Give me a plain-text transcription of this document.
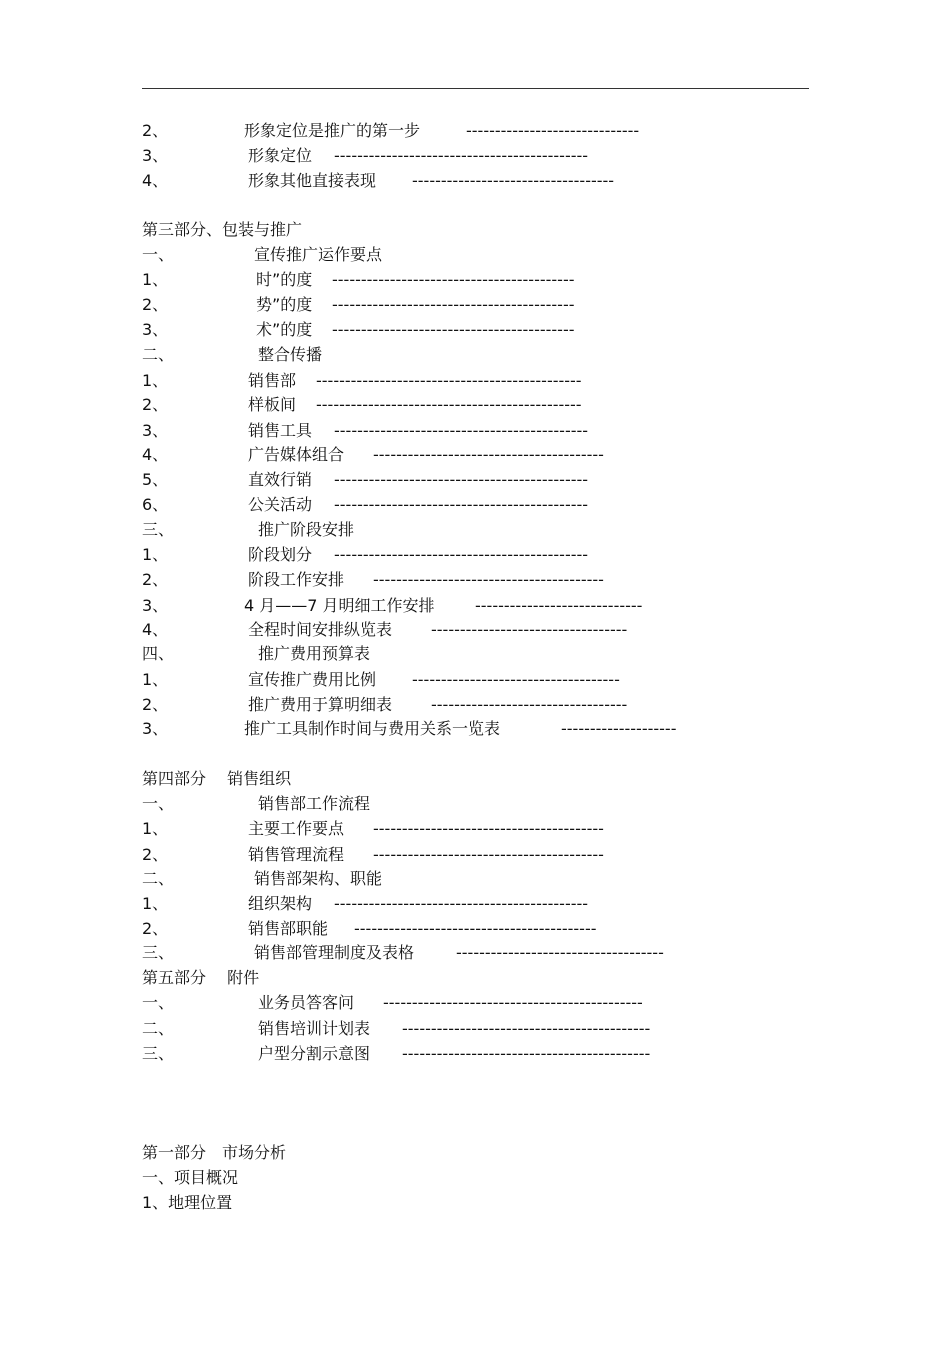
2、	形象定位是推广的第一步	------------------------------
3、	形象定位 --------------------------------------------
4、	形象其他直接表现 -----------------------------------
第三部分、包装与推广
一、	宣传推广运作要点
1、	时”的度 ------------------------------------------
2、	势”的度 ------------------------------------------
3、	术”的度 ------------------------------------------
二、	整合传播
1、	销售部 ----------------------------------------------
2、	样板间 ----------------------------------------------
3、	销售工具 --------------------------------------------
4、	广告媒体组合 ----------------------------------------
5、	直效行销 --------------------------------------------
6、	公关活动 --------------------------------------------
三、	推广阶段安排
1、	阶段划分 --------------------------------------------
2、	阶段工作安排 ----------------------------------------
3、	4 月——7 月明细工作安排	-----------------------------
4、	全程时间安排纵览表 ----------------------------------
四、	推广费用预算表
1、	宣传推广费用比例 ------------------------------------
2、	推广费用于算明细表 ----------------------------------
3、	推广工具制作时间与费用关系一览表	--------------------
第四部分　 销售组织
一、	销售部工作流程
1、	主要工作要点 ----------------------------------------
2、	销售管理流程 ----------------------------------------
二、	销售部架构、职能
1、	组织架构 --------------------------------------------
2、	销售部职能 ------------------------------------------
三、	销售部管理制度及表格	------------------------------------
第五部分　 附件
一、	业务员答客问 ---------------------------------------------
二、	销售培训计划表 -------------------------------------------
三、	户型分割示意图 -------------------------------------------
第一部分　市场分析
一、项目概况
1、地理位置
